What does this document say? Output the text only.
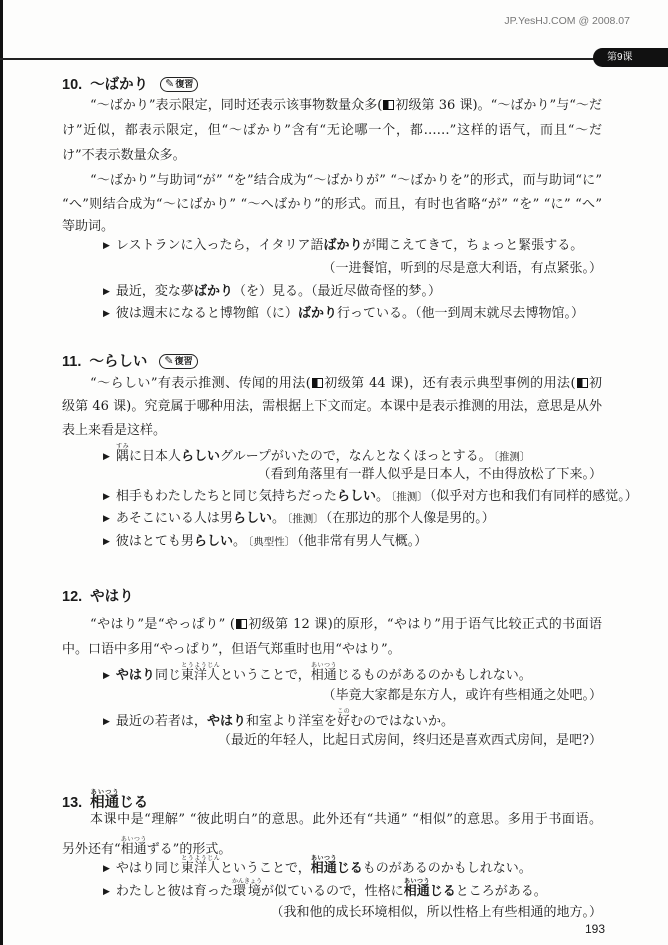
JP.YesHJ.COM @ 2008.07
第9课
10. ～ばかり ✎復習
“～ばかり”表示限定，同时还表示该事物数量众多( 初级第 36 课)。“～ばかり”与“～だ
け”近似，都表示限定，但“～ばかり”含有“无论哪一个，都……”这样的语气，而且“～だ
け”不表示数量众多。
“～ばかり”与助词“が” “を”结合成为“～ばかりが” “～ばかりを”的形式，而与助词“に”
“へ”则结合成为“～にばかり” “～へばかり”的形式。而且，有时也省略“が” “を” “に” “へ”
等助词。
▶ レストランに入ったら，イタリア語ばかりが聞こえてきて，ちょっと緊張する。
（一进餐馆，听到的尽是意大利语，有点紧张。）
▶ 最近，変な夢ばかり（を）見る。（最近尽做奇怪的梦。）
▶ 彼は週末になると博物館（に）ばかり行っている。（他一到周末就尽去博物馆。）
11. ～らしい ✎復習
“～らしい”有表示推测、传闻的用法( 初级第 44 课)，还有表示典型事例的用法( 初
级第 46 课)。究竟属于哪种用法，需根据上下文而定。本课中是表示推测的用法，意思是从外
表上来看是这样。
▶ 隅すみに日本人らしいグループがいたので，なんとなくほっとする。 〔 推测 〕
（看到角落里有一群人似乎是日本人，不由得放松了下来。）
▶ 相手もわたしたちと同じ気持ちだったらしい。 〔 推测 〕 （似乎对方也和我们有同样的感觉。）
▶ あそこにいる人は男らしい。 〔 推测 〕 （在那边的那个人像是男的。）
▶ 彼はとても男らしい。 〔 典型性 〕 （他非常有男人气概。）
12. やはり
“やはり”是“やっぱり” ( 初级第 12 课)的原形，“やはり”用于语气比较正式的书面语
中。口语中多用“やっぱり”，但语气郑重时也用“やはり”。
▶ やはり同じ東洋人とうようじんということで，相通あいつうじるものがあるのかもしれない。
（毕竟大家都是东方人，或许有些相通之处吧。）
▶ 最近の若者は，やはり和室より洋室を好このむのではないか。
（最近的年轻人，比起日式房间，终归还是喜欢西式房间，是吧?）
13. 相通あいつうじる
本课中是“理解” “彼此明白”的意思。此外还有“共通” “相似”的意思。多用于书面语。
另外还有“相通あいつうずる”的形式。
▶ やはり同じ東洋人とうようじんということで，相通あいつうじるものがあるのかもしれない。
▶ わたしと彼は育った環境かんきょうが似ているので，性格に相通あいつうじるところがある。
（我和他的成长环境相似，所以性格上有些相通的地方。）
193
